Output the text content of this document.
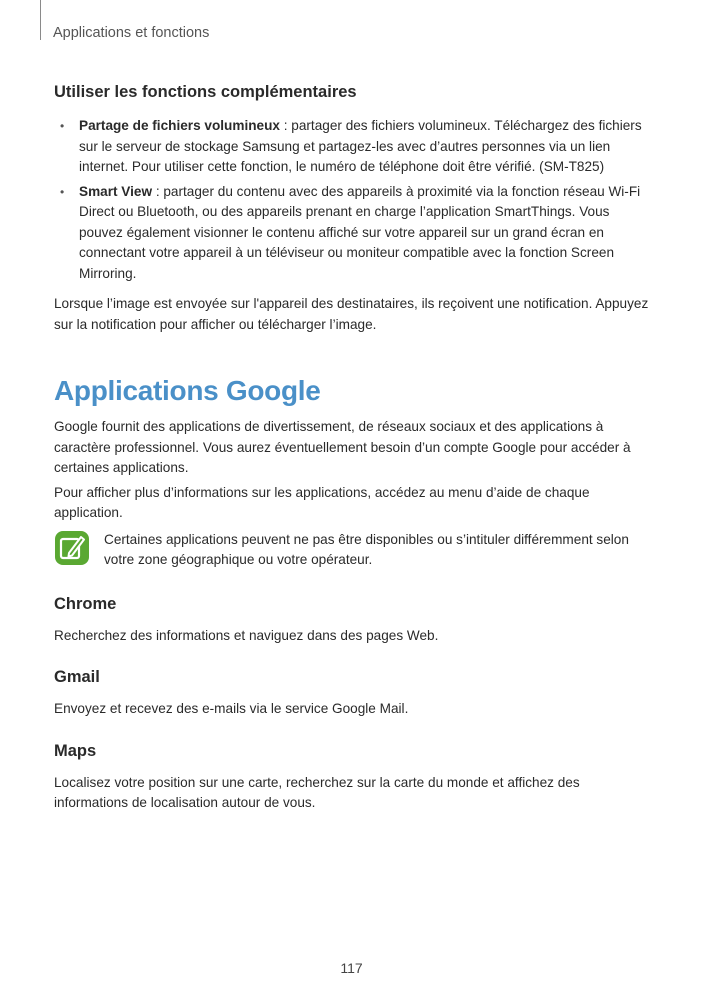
Applications et fonctions
Utiliser les fonctions complémentaires
• Partage de fichiers volumineux : partager des fichiers volumineux. Téléchargez des fichiers sur le serveur de stockage Samsung et partagez-les avec d’autres personnes via un lien internet. Pour utiliser cette fonction, le numéro de téléphone doit être vérifié. (SM-T825)
• Smart View : partager du contenu avec des appareils à proximité via la fonction réseau Wi-Fi Direct ou Bluetooth, ou des appareils prenant en charge l’application SmartThings. Vous pouvez également visionner le contenu affiché sur votre appareil sur un grand écran en connectant votre appareil à un téléviseur ou moniteur compatible avec la fonction Screen Mirroring.

Lorsque l’image est envoyée sur l'appareil des destinataires, ils reçoivent une notification. Appuyez sur la notification pour afficher ou télécharger l’image.

Applications Google

Google fournit des applications de divertissement, de réseaux sociaux et des applications à caractère professionnel. Vous aurez éventuellement besoin d’un compte Google pour accéder à certaines applications.

Pour afficher plus d’informations sur les applications, accédez au menu d’aide de chaque application.

Certaines applications peuvent ne pas être disponibles ou s’intituler différemment selon votre zone géographique ou votre opérateur.
Chrome

Recherchez des informations et naviguez dans des pages Web.

Gmail

Envoyez et recevez des e-mails via le service Google Mail.

Maps

Localisez votre position sur une carte, recherchez sur la carte du monde et affichez des informations de localisation autour de vous.

117
